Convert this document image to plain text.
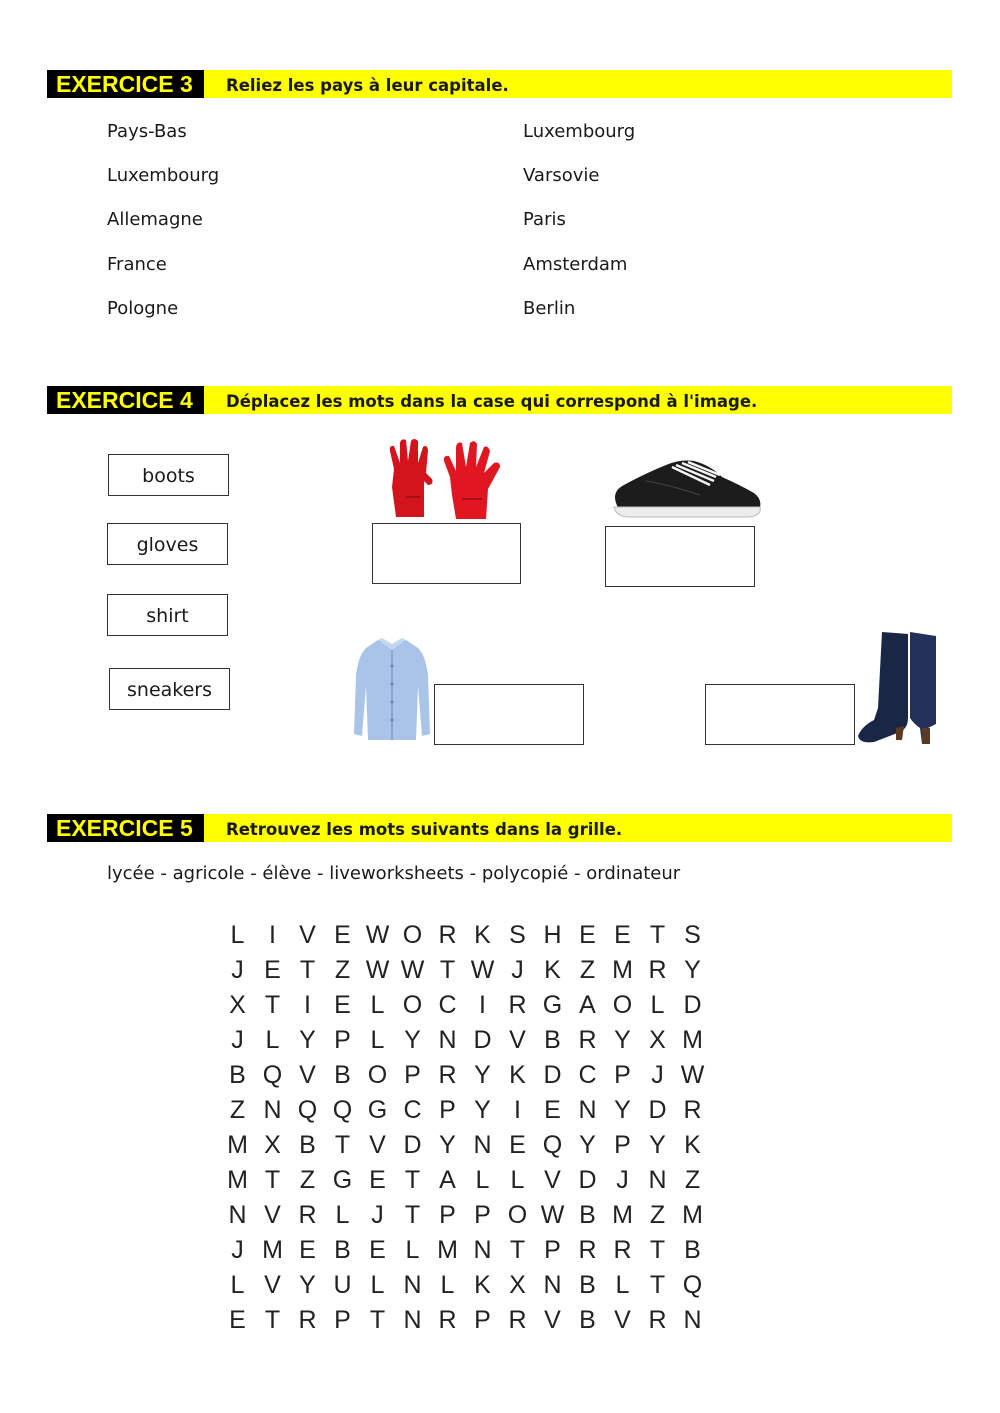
EXERCICE 3	Reliez les pays à leur capitale.
Pays-Bas
Luxembourg
Allemagne
France
Pologne
Luxembourg
Varsovie
Paris
Amsterdam
Berlin
EXERCICE 4	Déplacez les mots dans la case qui correspond à l'image.
boots
gloves
shirt
sneakers
EXERCICE 5	Retrouvez les mots suivants dans la grille.
lycée - agricole - élève - liveworksheets - polycopié - ordinateur
L I V E W O R K S H E E T S
J E T Z W W T W J K Z M R Y
X T I E L O C I R G A O L D
J L Y P L Y N D V B R Y X M
B Q V B O P R Y K D C P J W
Z N Q Q G C P Y I E N Y D R
M X B T V D Y N E Q Y P Y K
M T Z G E T A L L V D J N Z
N V R L J T P P O W B M Z M
J M E B E L M N T P R R T B
L V Y U L N L K X N B L T Q
E T R P T N R P R V B V R N
